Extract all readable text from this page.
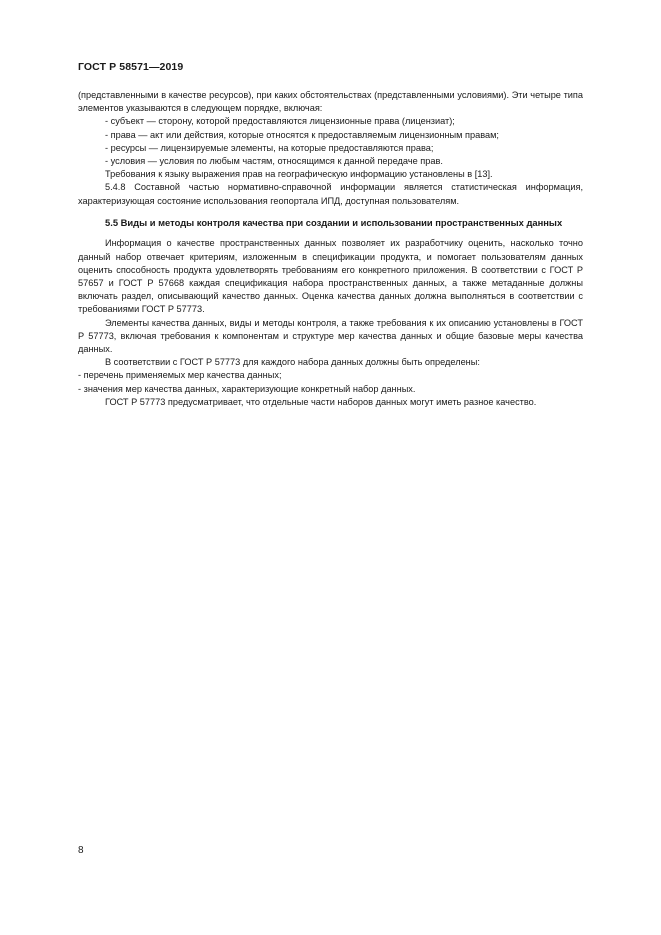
ГОСТ Р 58571—2019

(представленными в качестве ресурсов), при каких обстоятельствах (представленными условиями). Эти четыре типа элементов указываются в следующем порядке, включая:

- субъект — сторону, которой предоставляются лицензионные права (лицензиат);

- права — акт или действия, которые относятся к предоставляемым лицензионным правам;

- ресурсы — лицензируемые элементы, на которые предоставляются права;

- условия — условия по любым частям, относящимся к данной передаче прав.

Требования к языку выражения прав на географическую информацию установлены в [13].

5.4.8 Составной частью нормативно-справочной информации является статистическая информация, характеризующая состояние использования геопортала ИПД, доступная пользователям.

5.5 Виды и методы контроля качества при создании и использовании пространственных данных

Информация о качестве пространственных данных позволяет их разработчику оценить, насколько точно данный набор отвечает критериям, изложенным в спецификации продукта, и помогает пользователям данных оценить способность продукта удовлетворять требованиям его конкретного приложения. В соответствии с ГОСТ Р 57657 и ГОСТ Р 57668 каждая спецификация набора пространственных данных, а также метаданные должны включать раздел, описывающий качество данных. Оценка качества данных должна выполняться в соответствии с требованиями ГОСТ Р 57773.

Элементы качества данных, виды и методы контроля, а также требования к их описанию установлены в ГОСТ Р 57773, включая требования к компонентам и структуре мер качества данных и общие базовые меры качества данных.

В соответствии с ГОСТ Р 57773 для каждого набора данных должны быть определены:

- перечень применяемых мер качества данных;

- значения мер качества данных, характеризующие конкретный набор данных.

ГОСТ Р 57773 предусматривает, что отдельные части наборов данных могут иметь разное качество.

8
